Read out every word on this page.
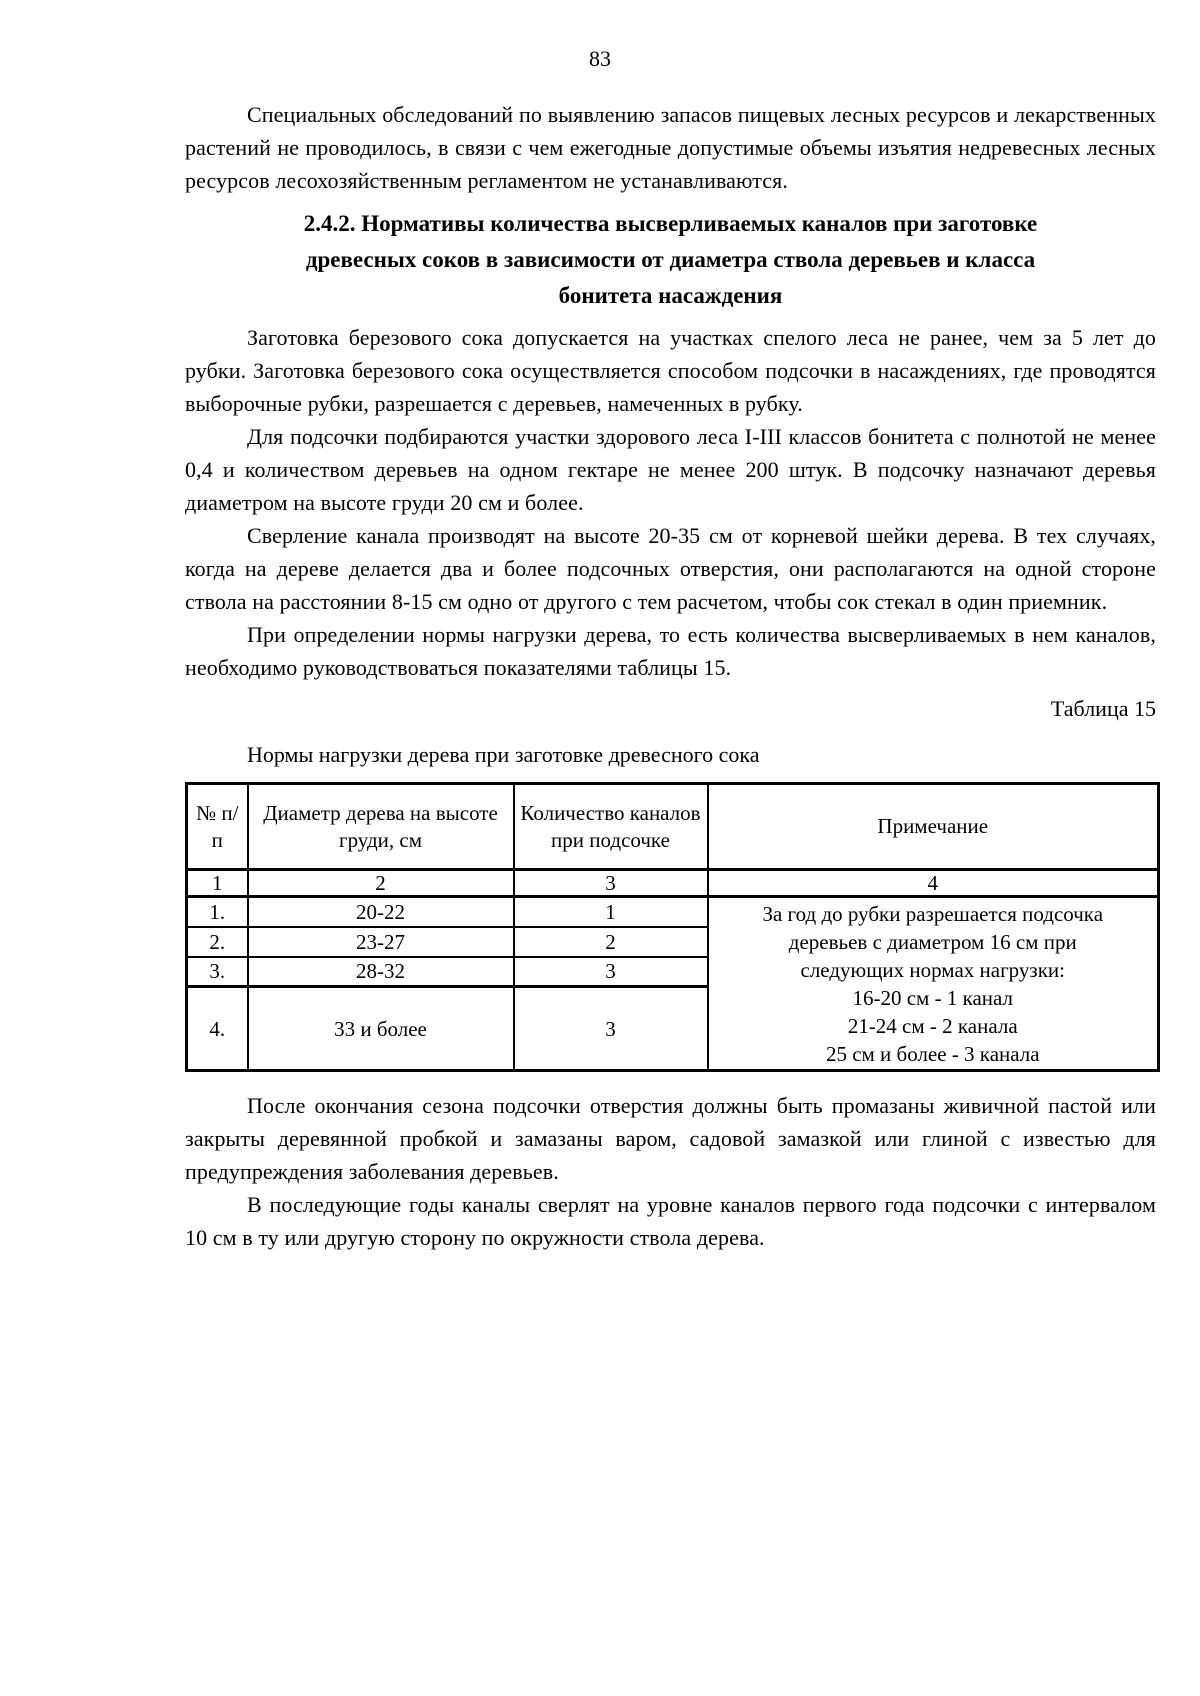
83

Специальных обследований по выявлению запасов пищевых лесных ресурсов и лекарственных растений не проводилось, в связи с чем ежегодные допустимые объемы изъятия недревесных лесных ресурсов лесохозяйственным регламентом не устанавливаются.

2.4.2. Нормативы количества высверливаемых каналов при заготовке
древесных соков в зависимости от диаметра ствола деревьев и класса
бонитета насаждения

Заготовка березового сока допускается на участках спелого леса не ранее, чем за 5 лет до рубки. Заготовка березового сока осуществляется способом подсочки в насаждениях, где проводятся выборочные рубки, разрешается с деревьев, намеченных в рубку.

Для подсочки подбираются участки здорового леса I-III классов бонитета с полнотой не менее 0,4 и количеством деревьев на одном гектаре не менее 200 штук. В подсочку назначают деревья диаметром на высоте груди 20 см и более.

Сверление канала производят на высоте 20-35 см от корневой шейки дерева. В тех случаях, когда на дереве делается два и более подсочных отверстия, они располагаются на одной стороне ствола на расстоянии 8-15 см одно от другого с тем расчетом, чтобы сок стекал в один приемник.

При определении нормы нагрузки дерева, то есть количества высверливаемых в нем каналов, необходимо руководствоваться показателями таблицы 15.

Таблица 15
Нормы нагрузки дерева при заготовке древесного сока
№ п/п	Диаметр дерева на высоте груди, см	Количество каналов при подсочке	Примечание
1	2	3	4
1.	20-22	1	За год до рубки разрешается подсочка
деревьев с диаметром 16 см при
следующих нормах нагрузки:
16-20 см - 1 канал
21-24 см - 2 канала
25 см и более - 3 канала

2.	23-27	2	
3.	28-32	3	
4.	33 и более	3	

После окончания сезона подсочки отверстия должны быть промазаны живичной пастой или закрыты деревянной пробкой и замазаны варом, садовой замазкой или глиной с известью для предупреждения заболевания деревьев.

В последующие годы каналы сверлят на уровне каналов первого года подсочки с интервалом 10 см в ту или другую сторону по окружности ствола дерева.
